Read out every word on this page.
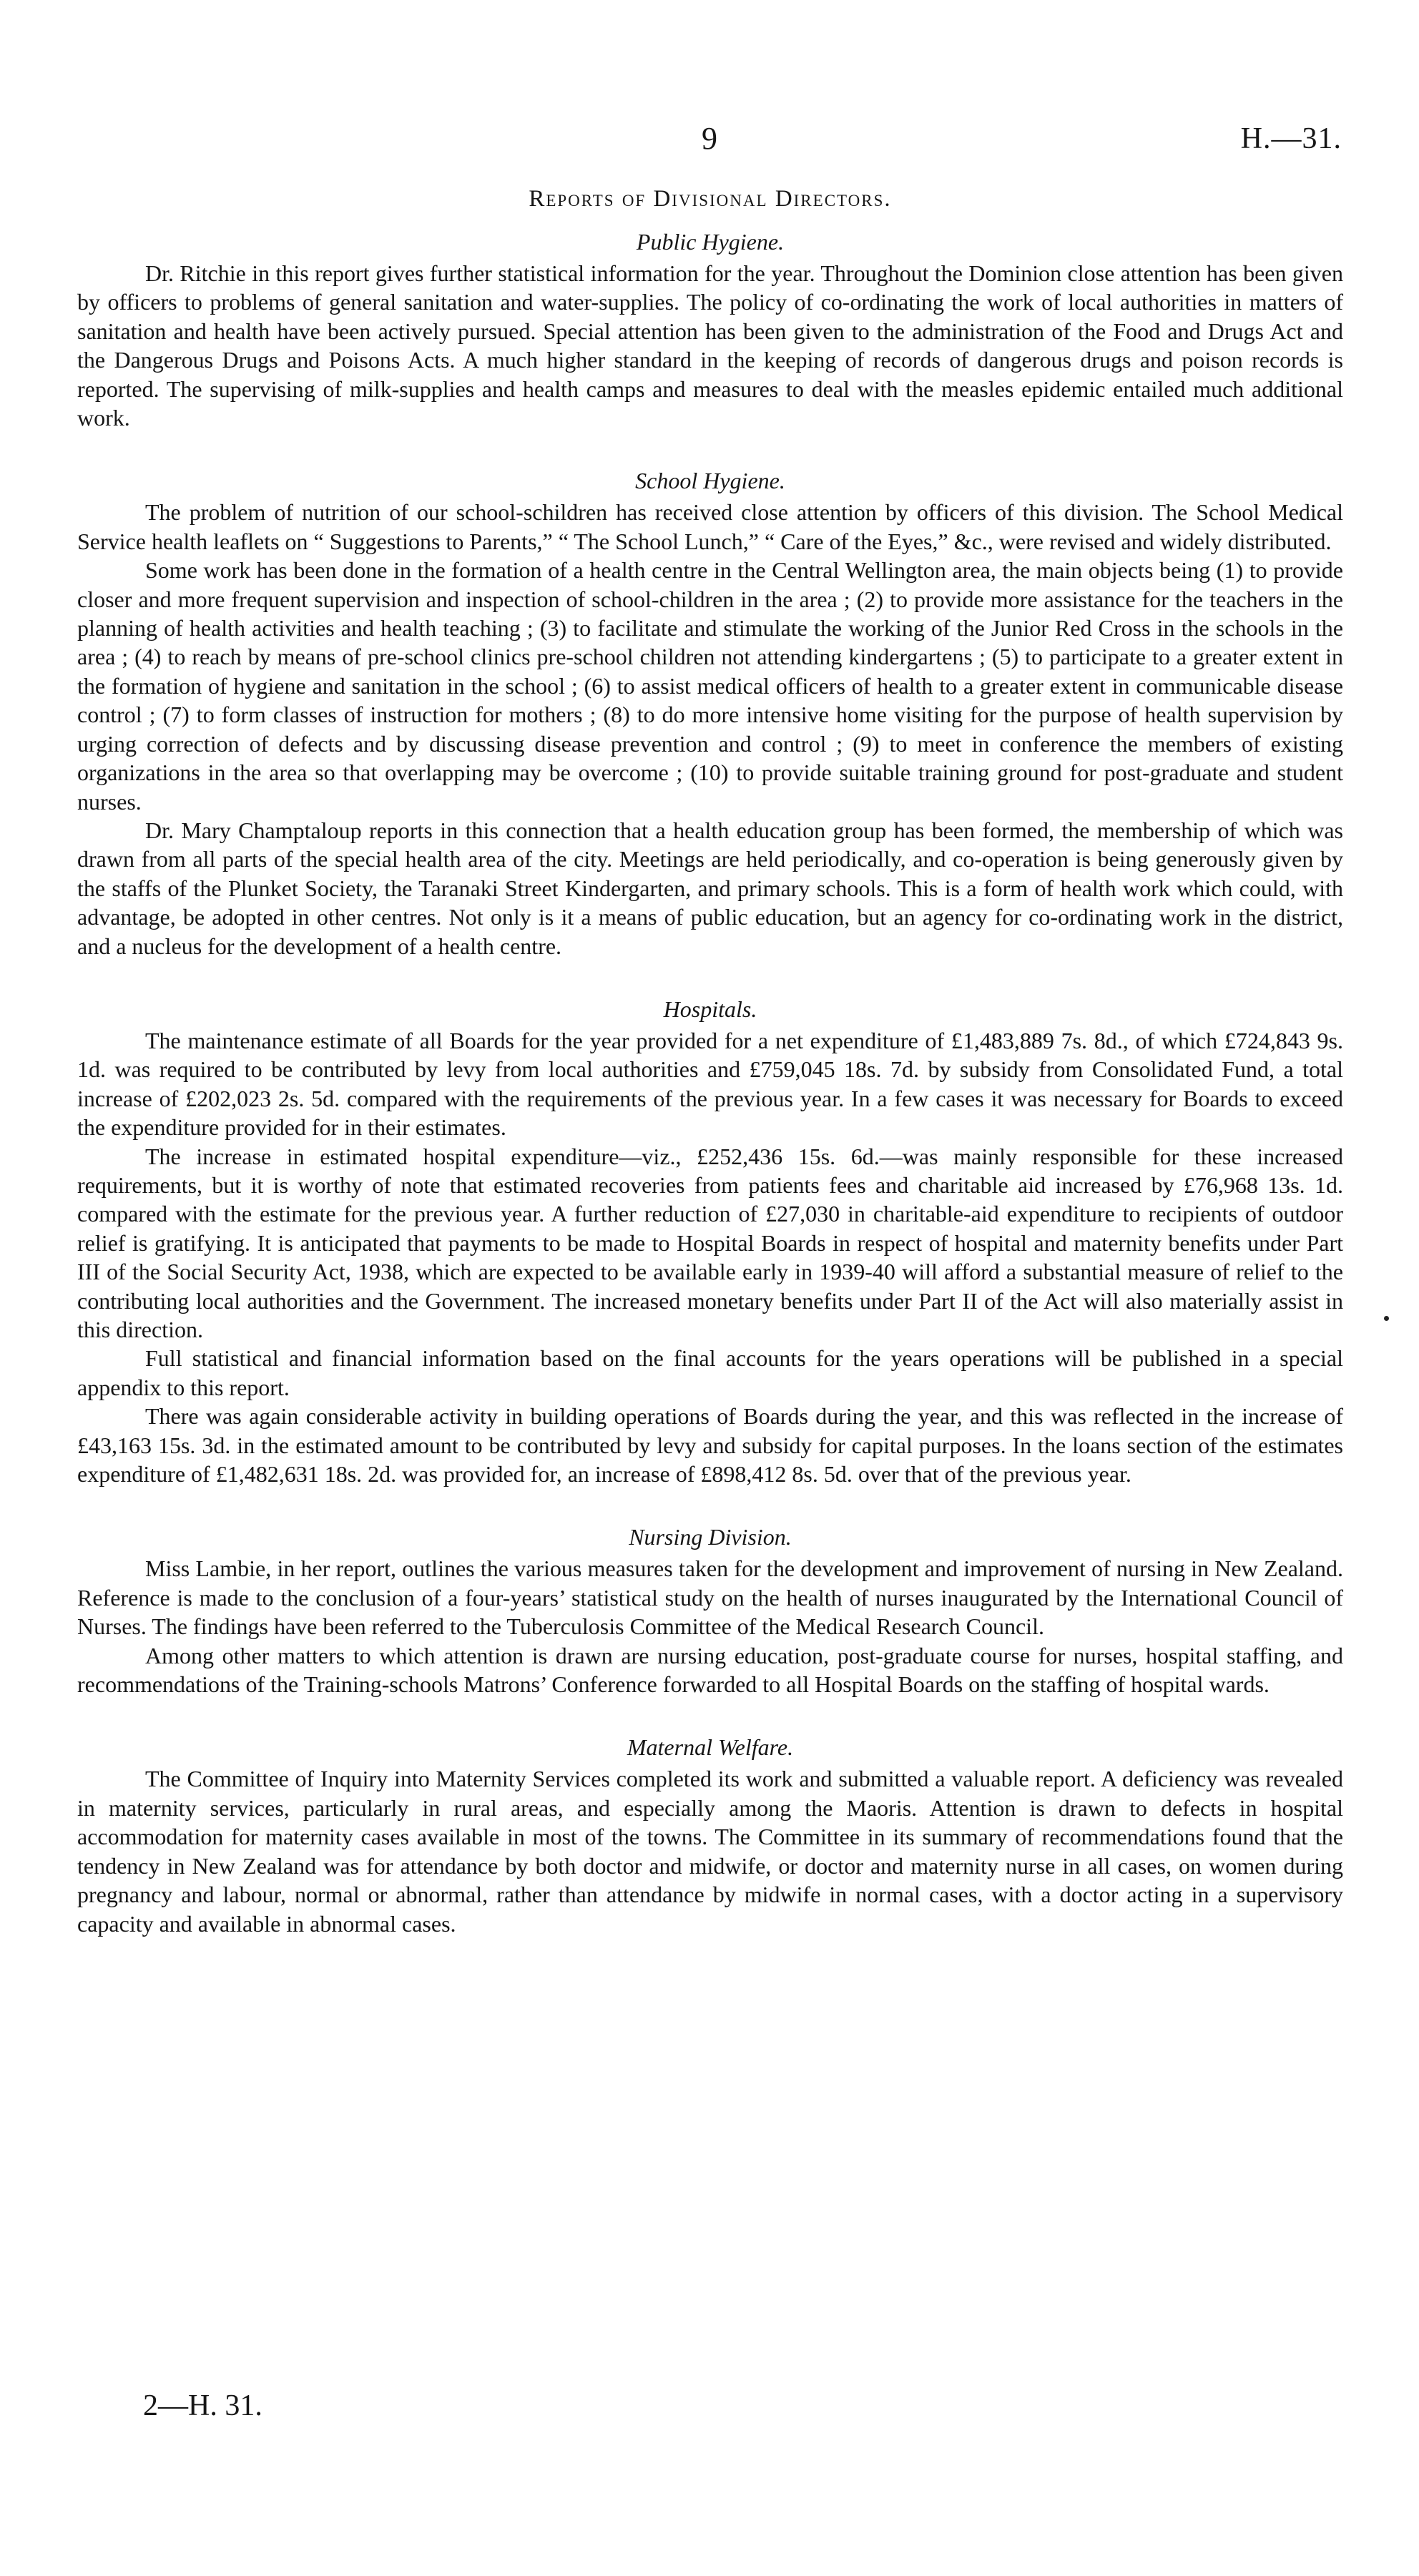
9	H.—31.
Reports of Divisional Directors.
Public Hygiene.

Dr. Ritchie in this report gives further statistical information for the year. Throughout the Dominion close attention has been given by officers to problems of general sanitation and water-supplies. The policy of co-ordinating the work of local authorities in matters of sanitation and health have been actively pursued. Special attention has been given to the administration of the Food and Drugs Act and the Dangerous Drugs and Poisons Acts. A much higher standard in the keeping of records of dangerous drugs and poison records is reported. The supervising of milk-supplies and health camps and measures to deal with the measles epidemic entailed much additional work.

School Hygiene.

The problem of nutrition of our school-schildren has received close attention by officers of this division. The School Medical Service health leaflets on “ Suggestions to Parents,” “ The School Lunch,” “ Care of the Eyes,” &c., were revised and widely distributed.

Some work has been done in the formation of a health centre in the Central Wellington area, the main objects being (1) to provide closer and more frequent supervision and inspection of school-children in the area ; (2) to provide more assistance for the teachers in the planning of health activities and health teaching ; (3) to facilitate and stimulate the working of the Junior Red Cross in the schools in the area ; (4) to reach by means of pre-school clinics pre-school children not attending kindergartens ; (5) to participate to a greater extent in the formation of hygiene and sanitation in the school ; (6) to assist medical officers of health to a greater extent in communicable disease control ; (7) to form classes of instruction for mothers ; (8) to do more intensive home visiting for the purpose of health supervision by urging correction of defects and by discussing disease prevention and control ; (9) to meet in conference the members of existing organizations in the area so that overlapping may be overcome ; (10) to provide suitable training ground for post-graduate and student nurses.

Dr. Mary Champtaloup reports in this connection that a health education group has been formed, the membership of which was drawn from all parts of the special health area of the city. Meetings are held periodically, and co-operation is being generously given by the staffs of the Plunket Society, the Taranaki Street Kindergarten, and primary schools. This is a form of health work which could, with advantage, be adopted in other centres. Not only is it a means of public education, but an agency for co-ordinating work in the district, and a nucleus for the development of a health centre.

Hospitals.

The maintenance estimate of all Boards for the year provided for a net expenditure of £1,483,889 7s. 8d., of which £724,843 9s. 1d. was required to be contributed by levy from local authorities and £759,045 18s. 7d. by subsidy from Consolidated Fund, a total increase of £202,023 2s. 5d. compared with the requirements of the previous year. In a few cases it was necessary for Boards to exceed the expenditure provided for in their estimates.

The increase in estimated hospital expenditure—viz., £252,436 15s. 6d.—was mainly responsible for these increased requirements, but it is worthy of note that estimated recoveries from patients fees and charitable aid increased by £76,968 13s. 1d. compared with the estimate for the previous year. A further reduction of £27,030 in charitable-aid expenditure to recipients of outdoor relief is gratifying. It is anticipated that payments to be made to Hospital Boards in respect of hospital and maternity benefits under Part III of the Social Security Act, 1938, which are expected to be available early in 1939-40 will afford a substantial measure of relief to the contributing local authorities and the Government. The increased monetary benefits under Part II of the Act will also materially assist in this direction.

Full statistical and financial information based on the final accounts for the years operations will be published in a special appendix to this report.

There was again considerable activity in building operations of Boards during the year, and this was reflected in the increase of £43,163 15s. 3d. in the estimated amount to be contributed by levy and subsidy for capital purposes. In the loans section of the estimates expenditure of £1,482,631 18s. 2d. was provided for, an increase of £898,412 8s. 5d. over that of the previous year.

Nursing Division.

Miss Lambie, in her report, outlines the various measures taken for the development and improvement of nursing in New Zealand. Reference is made to the conclusion of a four-years’ statistical study on the health of nurses inaugurated by the International Council of Nurses. The findings have been referred to the Tuberculosis Committee of the Medical Research Council.

Among other matters to which attention is drawn are nursing education, post-graduate course for nurses, hospital staffing, and recommendations of the Training-schools Matrons’ Conference forwarded to all Hospital Boards on the staffing of hospital wards.

Maternal Welfare.

The Committee of Inquiry into Maternity Services completed its work and submitted a valuable report. A deficiency was revealed in maternity services, particularly in rural areas, and especially among the Maoris. Attention is drawn to defects in hospital accommodation for maternity cases available in most of the towns. The Committee in its summary of recommendations found that the tendency in New Zealand was for attendance by both doctor and midwife, or doctor and maternity nurse in all cases, on women during pregnancy and labour, normal or abnormal, rather than attendance by midwife in normal cases, with a doctor acting in a supervisory capacity and available in abnormal cases.

2—H. 31.
